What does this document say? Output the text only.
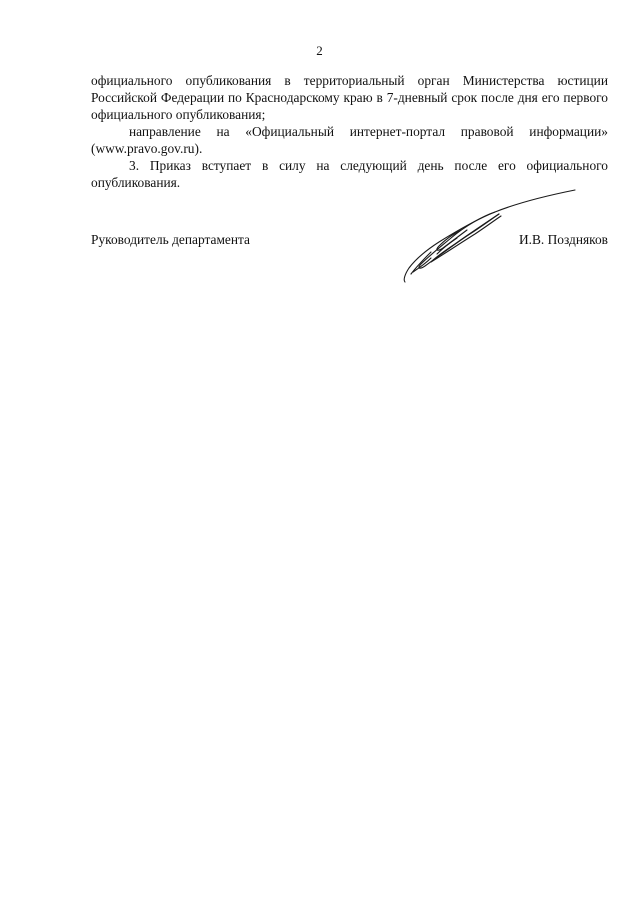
2

официального опубликования в территориальный орган Министерства юстиции Российской Федерации по Краснодарскому краю в 7-дневный срок после дня его первого официального опубликования;

направление на «Официальный интернет-портал правовой информации» (www.pravo.gov.ru).

3. Приказ вступает в силу на следующий день после его официального опубликования.

Руководитель департамента	И.В. Поздняков
